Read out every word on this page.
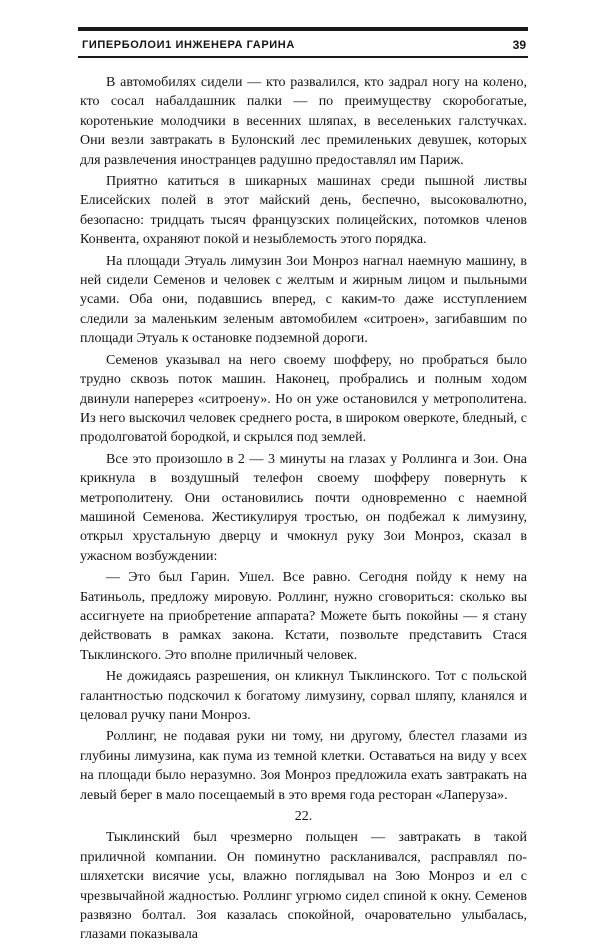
ГИПЕРБОЛОИ1 ИНЖЕНЕРА ГАРИНА	39

В автомобилях сидели — кто развалился, кто задрал ногу на колено, кто сосал набалдашник палки — по преимуществу скоробогатые, коротенькие молодчики в весенних шляпах, в веселеньких галстучках. Они везли завтракать в Булонский лес премиленьких девушек, которых для развлечения иностранцев радушно предоставлял им Париж.

Приятно катиться в шикарных машинах среди пышной листвы Елисейских полей в этот майский день, беспечно, высоковалютно, безопасно: тридцать тысяч французских полицейских, потомков членов Конвента, охраняют покой и незыблемость этого порядка.

На площади Этуаль лимузин Зои Монроз нагнал наемную машину, в ней сидели Семенов и человек с желтым и жирным лицом и пыльными усами. Оба они, подавшись вперед, с каким-то даже исступлением следили за маленьким зеленым автомобилем «ситроен», загибавшим по площади Этуаль к остановке подземной дороги.

Семенов указывал на него своему шофферу, но пробраться было трудно сквозь поток машин. Наконец, пробрались и полным ходом двинули наперерез «ситроену». Но он уже остановился у метрополитена. Из него выскочил человек среднего роста, в широком оверкоте, бледный, с продолговатой бородкой, и скрылся под землей.

Все это произошло в 2 — 3 минуты на глазах у Роллинга и Зои. Она крикнула в воздушный телефон своему шофферу повернуть к метрополитену. Они остановились почти одновременно с наемной машиной Семенова. Жестикулируя тростью, он подбежал к лимузину, открыл хрустальную дверцу и чмокнул руку Зои Монроз, сказал в ужасном возбуждении:

— Это был Гарин. Ушел. Все равно. Сегодня пойду к нему на Батиньоль, предложу мировую. Роллинг, нужно сговориться: сколько вы ассигнуете на приобретение аппарата? Можете быть покойны — я стану действовать в рамках закона. Кстати, позвольте представить Стася Тыклинского. Это вполне приличный человек.

Не дожидаясь разрешения, он кликнул Тыклинского. Тот с польской галантностью подскочил к богатому лимузину, сорвал шляпу, кланялся и целовал ручку пани Монроз.

Роллинг, не подавая руки ни тому, ни другому, блестел глазами из глубины лимузина, как пума из темной клетки. Оставаться на виду у всех на площади было неразумно. Зоя Монроз предложила ехать завтракать на левый берег в мало посещаемый в это время года ресторан «Лаперуза».

22.

Тыклинский был чрезмерно польщен — завтракать в такой приличной компании. Он поминутно раскланивался, расправлял по-шляхетски висячие усы, влажно поглядывал на Зою Монроз и ел с чрезвычайной жадностью. Роллинг угрюмо сидел спиной к окну. Семенов развязно болтал. Зоя казалась спокойной, очаровательно улыбалась, глазами показывала
